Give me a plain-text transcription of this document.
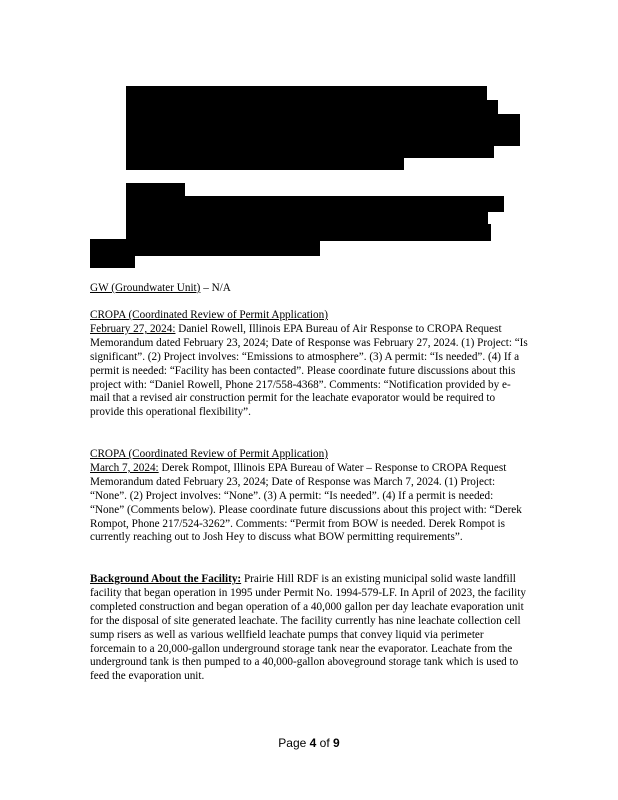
GW (Groundwater Unit) – N/A
CROPA (Coordinated Review of Permit Application)
February 27, 2024: Daniel Rowell, Illinois EPA Bureau of Air Response to CROPA Request Memorandum dated February 23, 2024; Date of Response was February 27, 2024. (1) Project: “Is significant”. (2) Project involves: “Emissions to atmosphere”. (3) A permit: “Is needed”. (4) If a permit is needed: “Facility has been contacted”. Please coordinate future discussions about this project with: “Daniel Rowell, Phone 217/558-4368”. Comments: “Notification provided by e-mail that a revised air construction permit for the leachate evaporator would be required to provide this operational flexibility”.
CROPA (Coordinated Review of Permit Application)
March 7, 2024: Derek Rompot, Illinois EPA Bureau of Water – Response to CROPA Request Memorandum dated February 23, 2024; Date of Response was March 7, 2024. (1) Project: “None”. (2) Project involves: “None”. (3) A permit: “Is needed”. (4) If a permit is needed: “None” (Comments below). Please coordinate future discussions about this project with: “Derek Rompot, Phone 217/524-3262”. Comments: “Permit from BOW is needed. Derek Rompot is currently reaching out to Josh Hey to discuss what BOW permitting requirements”.
Background About the Facility: Prairie Hill RDF is an existing municipal solid waste landfill facility that began operation in 1995 under Permit No. 1994-579-LF. In April of 2023, the facility completed construction and began operation of a 40,000 gallon per day leachate evaporation unit for the disposal of site generated leachate. The facility currently has nine leachate collection cell sump risers as well as various wellfield leachate pumps that convey liquid via perimeter forcemain to a 20,000-gallon underground storage tank near the evaporator. Leachate from the underground tank is then pumped to a 40,000-gallon aboveground storage tank which is used to feed the evaporation unit.
Page 4 of 9
